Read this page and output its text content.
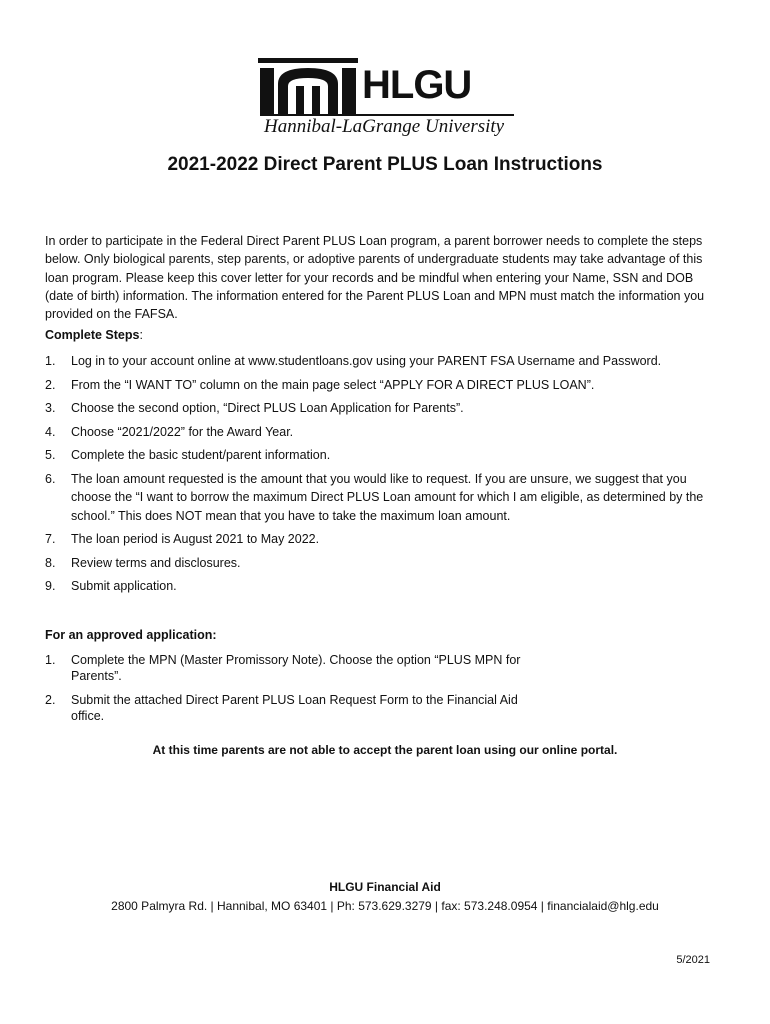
HLGU
Hannibal-LaGrange University
2021-2022 Direct Parent PLUS Loan Instructions
In order to participate in the Federal Direct Parent PLUS Loan program, a parent borrower needs to complete the steps below. Only biological parents, step parents, or adoptive parents of undergraduate students may take advantage of this loan program. Please keep this cover letter for your records and be mindful when entering your Name, SSN and DOB (date of birth) information. The information entered for the Parent PLUS Loan and MPN must match the information you provided on the FAFSA.
Complete Steps:
1. Log in to your account online at www.studentloans.gov using your PARENT FSA Username and Password.
2. From the “I WANT TO” column on the main page select “APPLY FOR A DIRECT PLUS LOAN”.
3. Choose the second option, “Direct PLUS Loan Application for Parents”.
4. Choose “2021/2022” for the Award Year.
5. Complete the basic student/parent information.
6. The loan amount requested is the amount that you would like to request. If you are unsure, we suggest that you choose the “I want to borrow the maximum Direct PLUS Loan amount for which I am eligible, as determined by the school.” This does NOT mean that you have to take the maximum loan amount.
7. The loan period is August 2021 to May 2022.
8. Review terms and disclosures.
9. Submit application.
For an approved application:
1. Complete the MPN (Master Promissory Note). Choose the option “PLUS MPN for Parents”.
2. Submit the attached Direct Parent PLUS Loan Request Form to the Financial Aid office.
At this time parents are not able to accept the parent loan using our online portal.
HLGU Financial Aid
2800 Palmyra Rd. | Hannibal, MO 63401 | Ph: 573.629.3279 | fax: 573.248.0954 | financialaid@hlg.edu
5/2021
